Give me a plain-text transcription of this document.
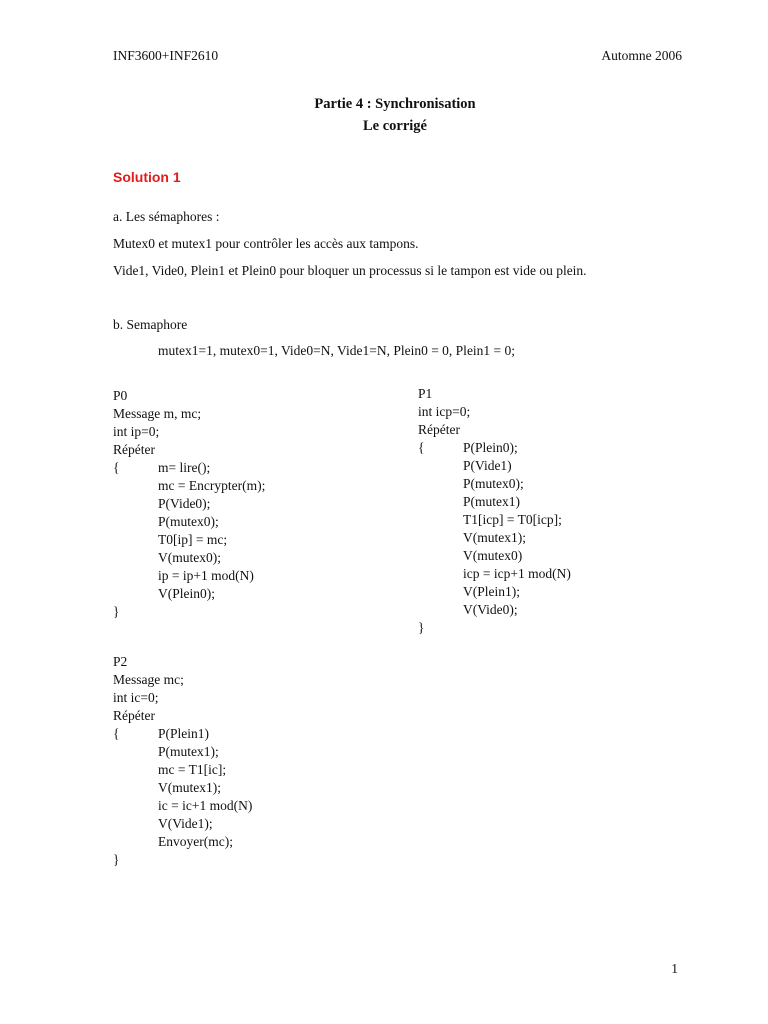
INF3600+INF2610	Automne 2006
Partie 4 : Synchronisation
Le corrigé
Solution 1
a. Les sémaphores :
Mutex0 et mutex1 pour contrôler les accès aux tampons.
Vide1, Vide0, Plein1 et Plein0 pour bloquer un processus si le tampon est vide ou plein.
b. Semaphore
mutex1=1, mutex0=1, Vide0=N, Vide1=N, Plein0 = 0, Plein1 = 0;
P0
Message m, mc;
int ip=0;
Répéter
{	m= lire();
mc = Encrypter(m);
P(Vide0);
P(mutex0);
T0[ip] = mc;
V(mutex0);
ip = ip+1 mod(N)
V(Plein0);
}
P1
int icp=0;
Répéter
{	P(Plein0);
P(Vide1)
P(mutex0);
P(mutex1)
T1[icp] = T0[icp];
V(mutex1);
V(mutex0)
icp = icp+1 mod(N)
V(Plein1);
V(Vide0);
}
P2
Message mc;
int ic=0;
Répéter
{	P(Plein1)
P(mutex1);
mc = T1[ic];
V(mutex1);
ic = ic+1 mod(N)
V(Vide1);
Envoyer(mc);
}
1
